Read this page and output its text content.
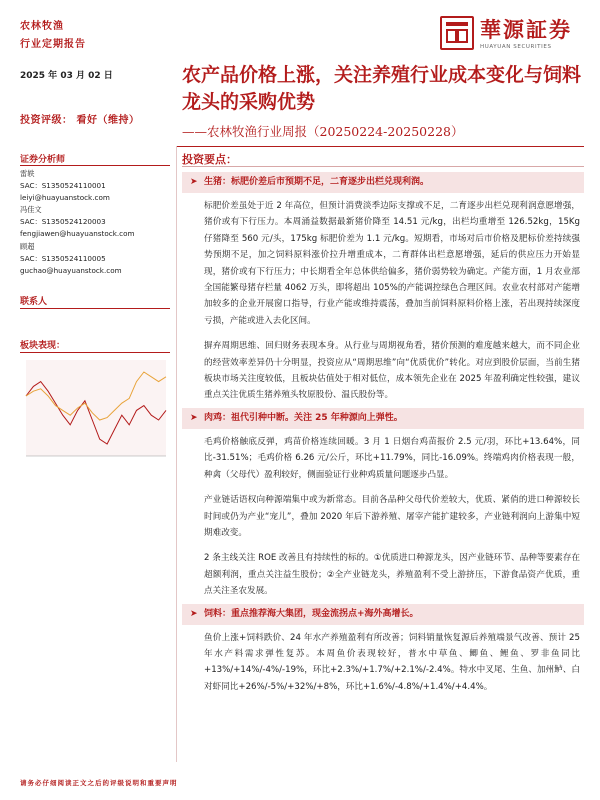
农林牧渔
行业定期报告
華源証券
HUAYUAN SECURITIES
2025 年 03 月 02 日	农产品价格上涨，关注养殖行业成本变化与饲料龙头的采购优势
——农林牧渔行业周报（20250224-20250228）
投资评级： 看好（维持）
证券分析师
雷轶
SAC：S1350524110001
leiyi@huayuanstock.com
冯佳文
SAC：S1350524120003
fengjiawen@huayuanstock.com
顾超
SAC：S1350524110005
guchao@huayuanstock.com
联系人
板块表现：
投资要点：
➤ 生猪：标肥价差后市预期不足，二育逐步出栏兑现利润。
标肥价差虽处于近 2 年高位，但预计消费淡季边际支撑或不足，二育逐步出栏兑现利润意愿增强，猪价或有下行压力。本周涌益数据最新猪价降至 14.51 元/kg，出栏均重增至 126.52kg，15Kg 仔猪降至 560 元/头，175kg 标肥价差为 1.1 元/kg。短期看，市场对后市价格及肥标价差持续强势预期不足，加之饲料原料涨价拉升增重成本，二育群体出栏意愿增强，延后的供应压力开始显现，猪价或有下行压力；中长期看全年总体供给偏多，猪价弱势较为确定。产能方面，1 月农业部全国能繁母猪存栏量 4062 万头，即将超出 105%的产能调控绿色合理区间。农业农村部对产能增加较多的企业开展窗口指导，行业产能或维持震荡，叠加当前饲料原料价格上涨，若出现持续深度亏损，产能或进入去化区间。
摒弃周期思维、回归财务表现本身。从行业与周期视角看，猪价预测的难度越来越大，而不同企业的经营效率差异仍十分明显，投资应从“周期思维”向“优质优价”转化。对应到股价层面，当前生猪板块市场关注度较低，且板块估值处于相对低位，成本领先企业在 2025 年盈利确定性较强，建议重点关注优质生猪养殖头牧原股份、温氏股份等。
➤ 肉鸡：祖代引种中断。关注 25 年种源向上弹性。
毛鸡价格触底反弹，鸡苗价格连续回暖。3 月 1 日烟台鸡苗报价 2.5 元/羽，环比+13.64%，同比-31.51%；毛鸡价格 6.26 元/公斤，环比+11.79%，同比-16.09%。终端鸡肉价格表现一般，种禽（父母代）盈利较好，侧面验证行业种鸡质量问题逐步凸显。
产业链话语权向种源端集中或为新常态。目前各品种父母代价差较大，优质、紧俏的进口种源较长时间或仍为产业“宠儿”，叠加 2020 年后下游养殖、屠宰产能扩建较多，产业链利润向上游集中短期难改变。
2 条主线关注 ROE 改善且有持续性的标的。①优质进口种源龙头，因产业链环节、品种等要素存在超额利润，重点关注益生股份；②全产业链龙头，养殖盈利不受上游挤压，下游食品资产优质，重点关注圣农发展。
➤ 饲料：重点推荐海大集团，现金流拐点+海外高增长。
鱼价上涨+饲料跌价、24 年水产养殖盈利有所改善；饲料销量恢复源后养殖端景气改善、预计 25 年水产料需求弹性复苏。本周鱼价表现较好，普水中草鱼、鲫鱼、鲤鱼、罗非鱼同比+13%/+14%/-4%/-19%，环比+2.3%/+1.7%/+2.1%/-2.4%。特水中叉尾、生鱼、加州鲈、白对虾同比+26%/-5%/+32%/+8%，环比+1.6%/-4.8%/+1.4%/+4.4%。
请务必仔细阅读正文之后的评级说明和重要声明
